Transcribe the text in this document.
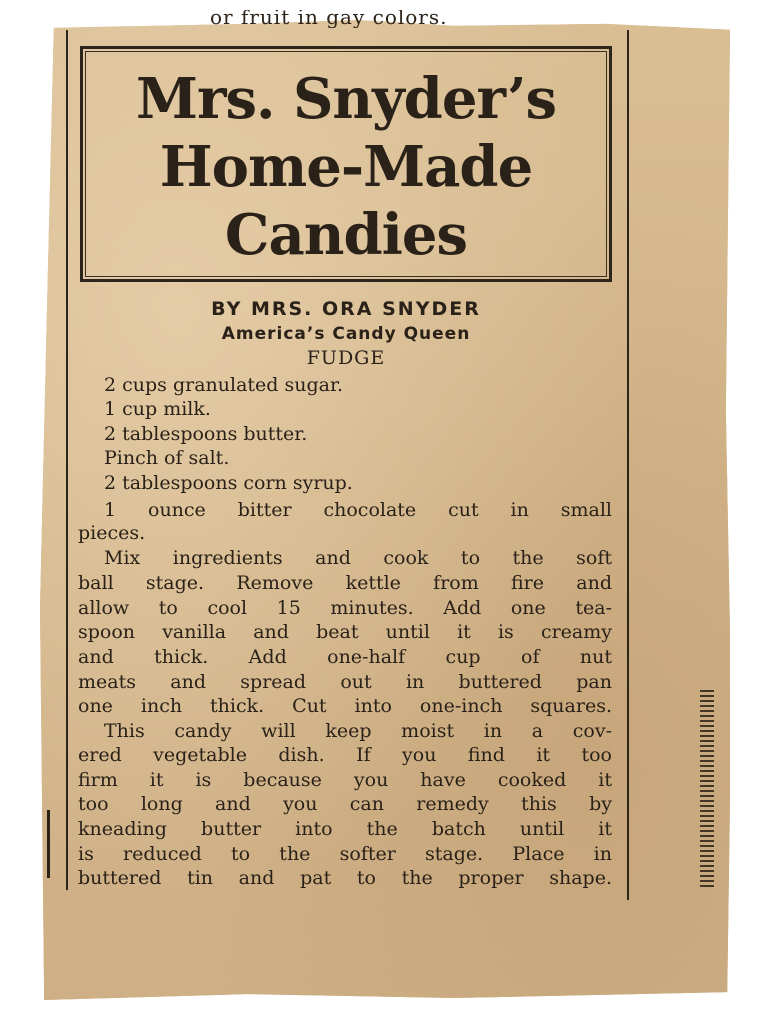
or fruit in gay colors.
Mrs. Snyder’s
Home-Made
Candies
BY MRS. ORA SNYDER
America’s Candy Queen
FUDGE
2 cups granulated sugar.
1 cup milk.
2 tablespoons butter.
Pinch of salt.
2 tablespoons corn syrup.
1 ounce bitter chocolate cut in small
pieces.
Mix ingredients and cook to the soft
ball stage. Remove kettle from fire and
allow to cool 15 minutes. Add one tea-
spoon vanilla and beat until it is creamy
and thick. Add one-half cup of nut
meats and spread out in buttered pan
one inch thick. Cut into one-inch squares.
This candy will keep moist in a cov-
ered vegetable dish. If you find it too
firm it is because you have cooked it
too long and you can remedy this by
kneading butter into the batch until it
is reduced to the softer stage. Place in
buttered tin and pat to the proper shape.
